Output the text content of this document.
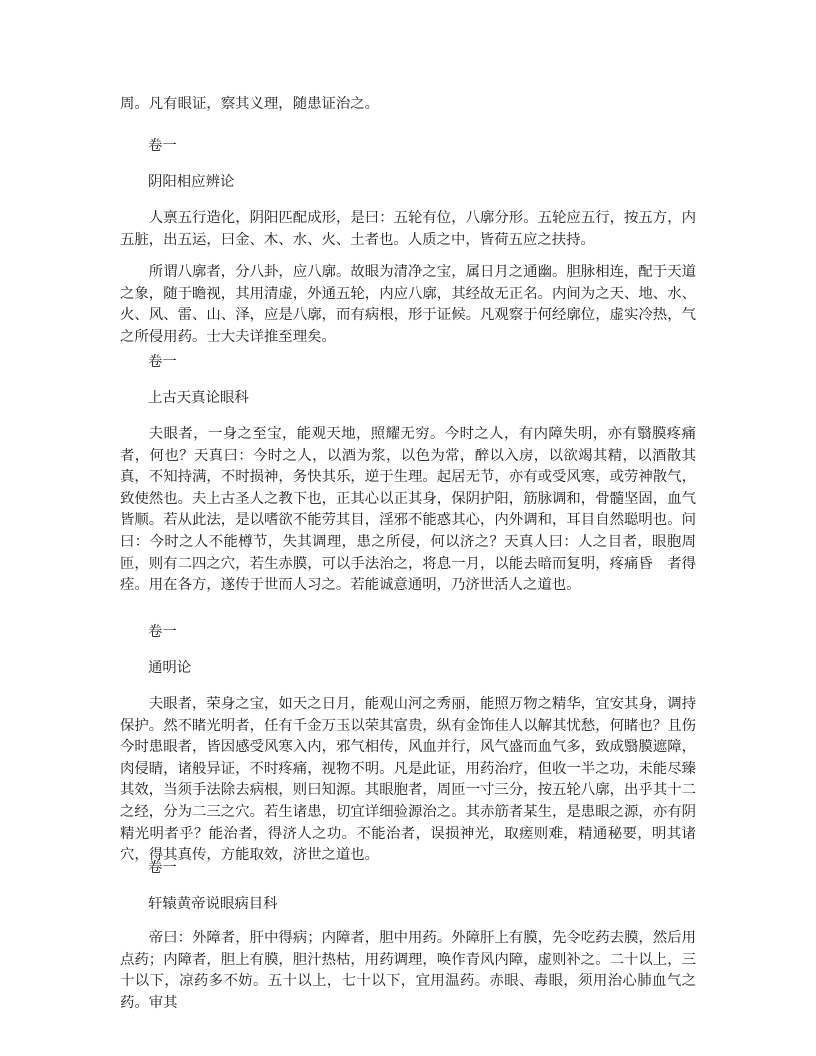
周。凡有眼证，察其义理，随患证治之。

卷一

阴阳相应辨论

人禀五行造化，阴阳匹配成形，是曰：五轮有位，八廓分形。五轮应五行，按五方，内五脏，出五运，曰金、木、水、火、土者也。人质之中，皆荷五应之扶持。

所谓八廓者，分八卦，应八廓。故眼为清净之宝，属日月之通幽。胆脉相连，配于天道之象，随于瞻视，其用清虚，外通五轮，内应八廓，其经故无正名。内间为之天、地、水、火、风、雷、山、泽，应是八廓，而有病根，形于证候。凡观察于何经廓位，虚实冷热，气之所侵用药。士大夫详推至理矣。

卷一

上古天真论眼科

夫眼者，一身之至宝，能观天地，照耀无穷。今时之人，有内障失明，亦有翳膜疼痛者，何也？天真曰：今时之人，以酒为浆，以色为常，醉以入房，以欲竭其精，以酒散其真，不知持满，不时损神，务快其乐，逆于生理。起居无节，亦有或受风寒，或劳神散气，致使然也。夫上古圣人之教下也，正其心以正其身，保阴护阳，筋脉调和，骨髓坚固，血气皆顺。若从此法，是以嗜欲不能劳其目，淫邪不能惑其心，内外调和，耳目自然聪明也。问曰：今时之人不能樽节，失其调理，患之所侵，何以济之？天真人曰：人之目者，眼胞周匝，则有二四之穴，若生赤膜，可以手法治之，将息一月，以能去暗而复明，疼痛昏　者得痊。用在各方，遂传于世而人习之。若能诚意通明，乃济世活人之道也。

卷一

通明论

夫眼者，荣身之宝，如天之日月，能观山河之秀丽，能照万物之精华，宜安其身，调持保护。然不睹光明者，任有千金万玉以荣其富贵，纵有金饰佳人以解其忧愁，何睹也？且伤今时患眼者，皆因感受风寒入内，邪气相传，风血并行，风气盛而血气多，致成翳膜遮障，肉侵睛，诸般异证，不时疼痛，视物不明。凡是此证，用药治疗，但收一半之功，未能尽臻其效，当须手法除去病根，则曰知源。其眼胞者，周匝一寸三分，按五轮八廓，出乎其十二之经，分为二三之穴。若生诸患，切宜详细验源治之。其赤筋者某生，是患眼之源，亦有阴精光明者乎？能治者，得济人之功。不能治者，误损神光，取瘥则难，精通秘要，明其诸穴，得其真传，方能取效，济世之道也。

卷一

轩辕黄帝说眼病目科

帝曰：外障者，肝中得病；内障者，胆中用药。外障肝上有膜，先令吃药去膜，然后用点药；内障者，胆上有膜，胆汁热枯，用药调理，唤作青风内障，虚则补之。二十以上，三十以下，凉药多不妨。五十以上，七十以下，宜用温药。赤眼、毒眼，须用治心肺血气之药。审其
